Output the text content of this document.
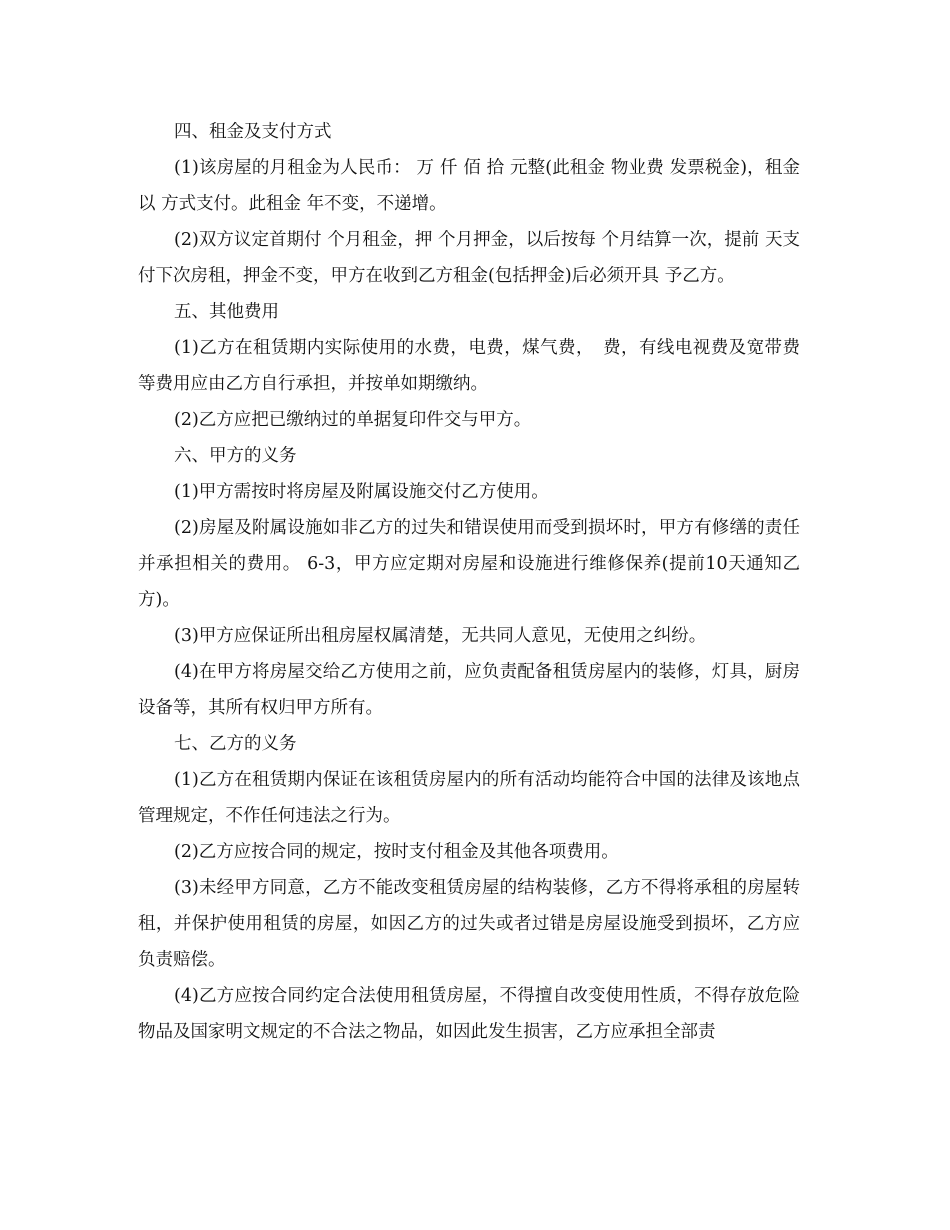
四、租金及支付方式

(1)该房屋的月租金为人民币： 万 仟 佰 拾 元整(此租金 物业费 发票税金)，租金以 方式支付。此租金 年不变，不递增。

(2)双方议定首期付 个月租金，押 个月押金，以后按每 个月结算一次，提前 天支付下次房租，押金不变，甲方在收到乙方租金(包括押金)后必须开具 予乙方。

五、其他费用

(1)乙方在租赁期内实际使用的水费，电费，煤气费，　费，有线电视费及宽带费等费用应由乙方自行承担，并按单如期缴纳。

(2)乙方应把已缴纳过的单据复印件交与甲方。

六、甲方的义务

(1)甲方需按时将房屋及附属设施交付乙方使用。

(2)房屋及附属设施如非乙方的过失和错误使用而受到损坏时，甲方有修缮的责任并承担相关的费用。 6-3，甲方应定期对房屋和设施进行维修保养(提前10天通知乙方)。

(3)甲方应保证所出租房屋权属清楚，无共同人意见，无使用之纠纷。

(4)在甲方将房屋交给乙方使用之前，应负责配备租赁房屋内的装修，灯具，厨房设备等，其所有权归甲方所有。

七、乙方的义务

(1)乙方在租赁期内保证在该租赁房屋内的所有活动均能符合中国的法律及该地点管理规定，不作任何违法之行为。

(2)乙方应按合同的规定，按时支付租金及其他各项费用。

(3)未经甲方同意，乙方不能改变租赁房屋的结构装修，乙方不得将承租的房屋转租，并保护使用租赁的房屋，如因乙方的过失或者过错是房屋设施受到损坏，乙方应负责赔偿。

(4)乙方应按合同约定合法使用租赁房屋，不得擅自改变使用性质，不得存放危险物品及国家明文规定的不合法之物品，如因此发生损害，乙方应承担全部责
